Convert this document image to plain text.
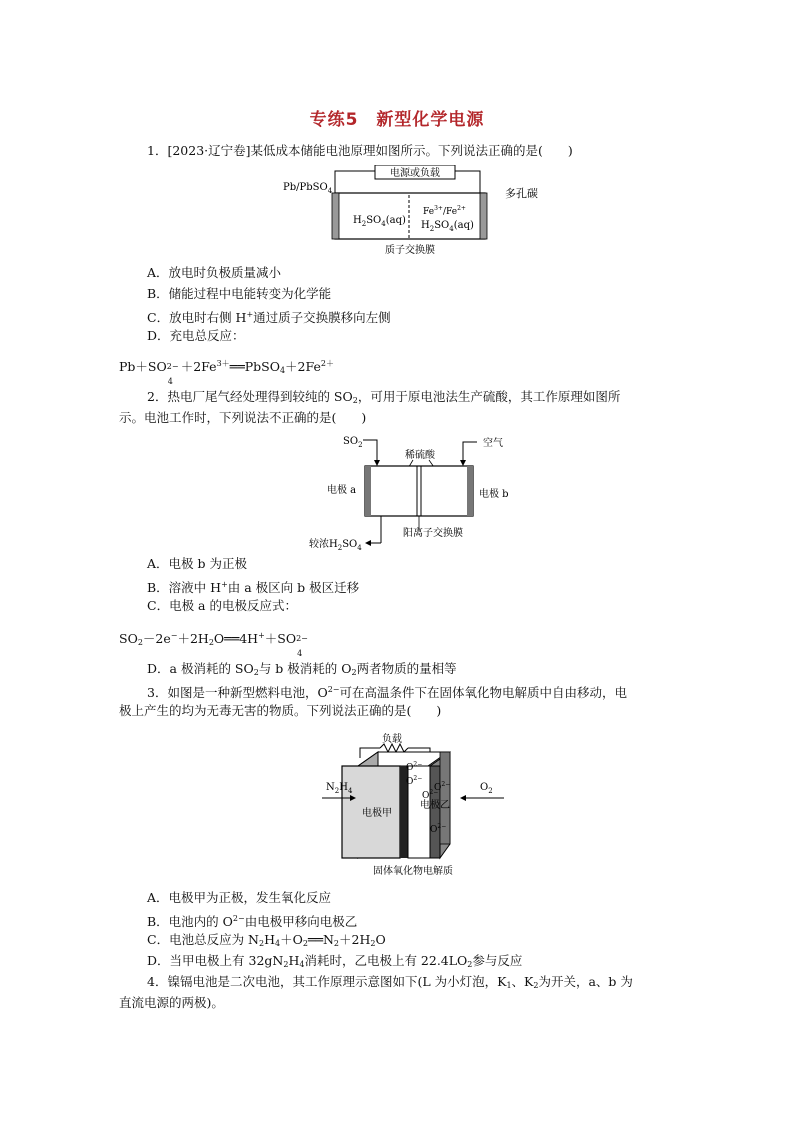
专练5　新型化学电源
1．[2023·辽宁卷]某低成本储能电池原理如图所示。下列说法正确的是(　　)
电源或负载
Pb/PbSO$_4$	多孔碳
$H_2SO_4(aq)$
$Fe^{3+}/Fe^{2+}$
$H_2SO_4(aq)$
质子交换膜
A．放电时负极质量减小
B．储能过程中电能转变为化学能
C．放电时右侧 H+通过质子交换膜移向左侧
D．充电总反应：
Pb＋SO 2−
4
$+2Fe^{3+}══PbSO_4+2Fe^{2+}$
2．热电厂尾气经处理得到较纯的 $SO_2$，可用于原电池法生产硫酸，其工作原理如图所
示。电池工作时，下列说法不正确的是(　　)
$SO_2$
稀硫酸
空气
电极 a	电极 b
较浓$H_2SO_4$
阳离子交换膜
A．电极 b 为正极
B．溶液中 H+由 a 极区向 b 极区迁移
C．电极 a 的电极反应式：
$SO_2-2e^-+2H_2O══4H^++SO$ 2−
4
D．a 极消耗的 $SO_2$与 b 极消耗的 $O_2$两者物质的量相等
3．如图是一种新型燃料电池，$O^{2-}$可在高温条件下在固体氧化物电解质中自由移动，电
极上产生的均为无毒无害的物质。下列说法正确的是(　　)
负载
$O^{2-}$
$O^{2-}$
$O^{2-}$
$O^{2-}$
$O^{2-}$
电极乙
电极甲
$N_2H_4$	$O_2$
固体氧化物电解质
A．电极甲为正极，发生氧化反应
B．电池内的 $O^{2-}$由电极甲移向电极乙
C．电池总反应为 $N_2H_4+O_2══N_2+2H_2O$
D．当甲电极上有 $32gN_2H_4$消耗时，乙电极上有 $22.4LO_2$参与反应
4．镍镉电池是二次电池，其工作原理示意图如下(L 为小灯泡，$K_1$、$K_2$为开关，a、b 为
直流电源的两极)。
